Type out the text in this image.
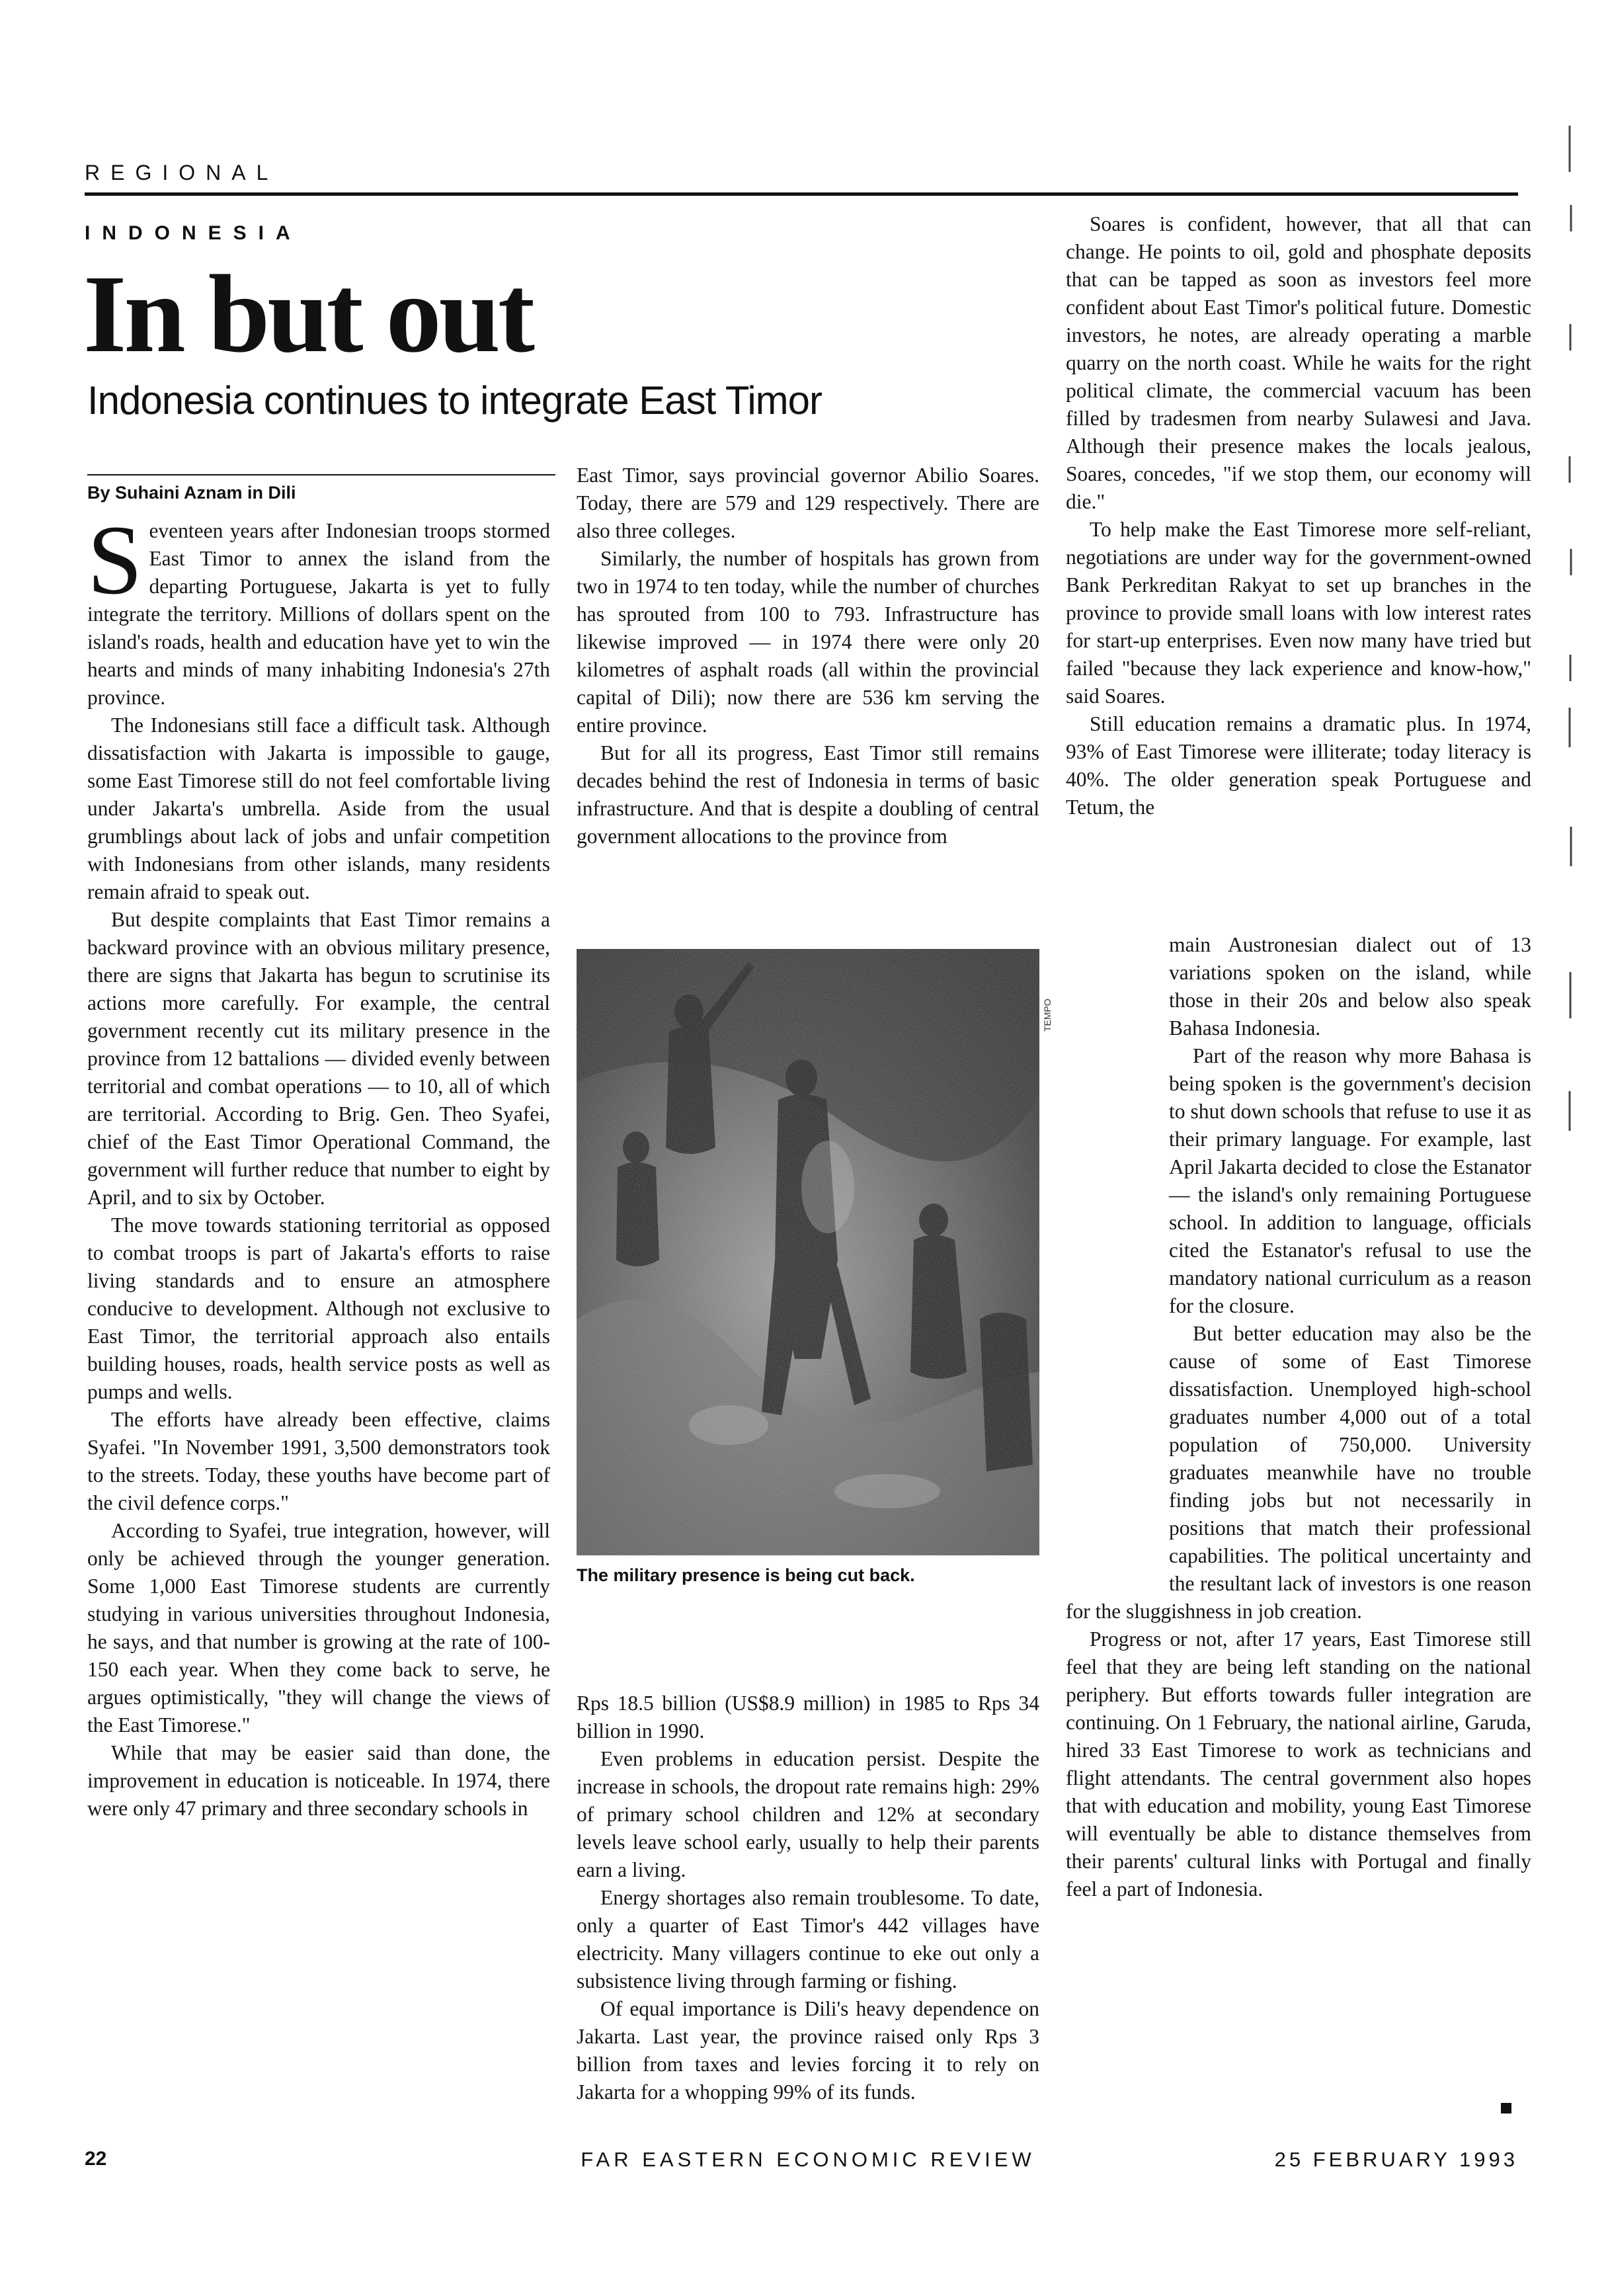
REGIONAL
INDONESIA
In but out
Indonesia continues to integrate East Timor
By Suhaini Aznam in Dili

Seventeen years after Indonesian troops stormed East Timor to annex the island from the departing Portuguese, Jakarta is yet to fully integrate the territory. Millions of dollars spent on the island's roads, health and education have yet to win the hearts and minds of many inhabiting Indonesia's 27th province.

The Indonesians still face a difficult task. Although dissatisfaction with Jakarta is impossible to gauge, some East Timorese still do not feel comfortable living under Jakarta's umbrella. Aside from the usual grumblings about lack of jobs and unfair competition with Indonesians from other islands, many residents remain afraid to speak out.

But despite complaints that East Timor remains a backward province with an obvious military presence, there are signs that Jakarta has begun to scrutinise its actions more carefully. For example, the central government recently cut its military presence in the province from 12 battalions — divided evenly between territorial and combat operations — to 10, all of which are territorial. According to Brig. Gen. Theo Syafei, chief of the East Timor Operational Command, the government will further reduce that number to eight by April, and to six by October.

The move towards stationing territorial as opposed to combat troops is part of Jakarta's efforts to raise living standards and to ensure an atmosphere conducive to development. Although not exclusive to East Timor, the territorial approach also entails building houses, roads, health service posts as well as pumps and wells.

The efforts have already been effective, claims Syafei. "In November 1991, 3,500 demonstrators took to the streets. Today, these youths have become part of the civil defence corps."

According to Syafei, true integration, however, will only be achieved through the younger generation. Some 1,000 East Timorese students are currently studying in various universities throughout Indonesia, he says, and that number is growing at the rate of 100-150 each year. When they come back to serve, he argues optimistically, "they will change the views of the East Timorese."

While that may be easier said than done, the improvement in education is noticeable. In 1974, there were only 47 primary and three secondary schools in

East Timor, says provincial governor Abilio Soares. Today, there are 579 and 129 respectively. There are also three colleges.

Similarly, the number of hospitals has grown from two in 1974 to ten today, while the number of churches has sprouted from 100 to 793. Infrastructure has likewise improved — in 1974 there were only 20 kilometres of asphalt roads (all within the provincial capital of Dili); now there are 536 km serving the entire province.

But for all its progress, East Timor still remains decades behind the rest of Indonesia in terms of basic infrastructure. And that is despite a doubling of central government allocations to the province from

TEMPO
The military presence is being cut back.

Rps 18.5 billion (US$8.9 million) in 1985 to Rps 34 billion in 1990.

Even problems in education persist. Despite the increase in schools, the dropout rate remains high: 29% of primary school children and 12% at secondary levels leave school early, usually to help their parents earn a living.

Energy shortages also remain troublesome. To date, only a quarter of East Timor's 442 villages have electricity. Many villagers continue to eke out only a subsistence living through farming or fishing.

Of equal importance is Dili's heavy dependence on Jakarta. Last year, the province raised only Rps 3 billion from taxes and levies forcing it to rely on Jakarta for a whopping 99% of its funds.

Soares is confident, however, that all that can change. He points to oil, gold and phosphate deposits that can be tapped as soon as investors feel more confident about East Timor's political future. Domestic investors, he notes, are already operating a marble quarry on the north coast. While he waits for the right political climate, the commercial vacuum has been filled by tradesmen from nearby Sulawesi and Java. Although their presence makes the locals jealous, Soares, concedes, "if we stop them, our economy will die."

To help make the East Timorese more self-reliant, negotiations are under way for the government-owned Bank Perkreditan Rakyat to set up branches in the province to provide small loans with low interest rates for start-up enterprises. Even now many have tried but failed "because they lack experience and know-how," said Soares.

Still education remains a dramatic plus. In 1974, 93% of East Timorese were illiterate; today literacy is 40%. The older generation speak Portuguese and Tetum, the

main Austronesian dialect out of 13 variations spoken on the island, while those in their 20s and below also speak Bahasa Indonesia.

Part of the reason why more Bahasa is being spoken is the government's decision to shut down schools that refuse to use it as their primary language. For example, last April Jakarta decided to close the Estanator — the island's only remaining Portuguese school. In addition to language, officials cited the Estanator's refusal to use the mandatory national curriculum as a reason for the closure.

But better education may also be the cause of some of East Timorese dissatisfaction. Unemployed high-school graduates number 4,000 out of a total population of 750,000. University graduates meanwhile have no trouble finding jobs but not necessarily in positions that match their professional capabilities. The political uncertainty and the resultant lack of investors is one reason for the sluggishness in job creation.

Progress or not, after 17 years, East Timorese still feel that they are being left standing on the national periphery. But efforts towards fuller integration are continuing. On 1 February, the national airline, Garuda, hired 33 East Timorese to work as technicians and flight attendants. The central government also hopes that with education and mobility, young East Timorese will eventually be able to distance themselves from their parents' cultural links with Portugal and finally feel a part of Indonesia.

22	FAR EASTERN ECONOMIC REVIEW	25 FEBRUARY 1993
